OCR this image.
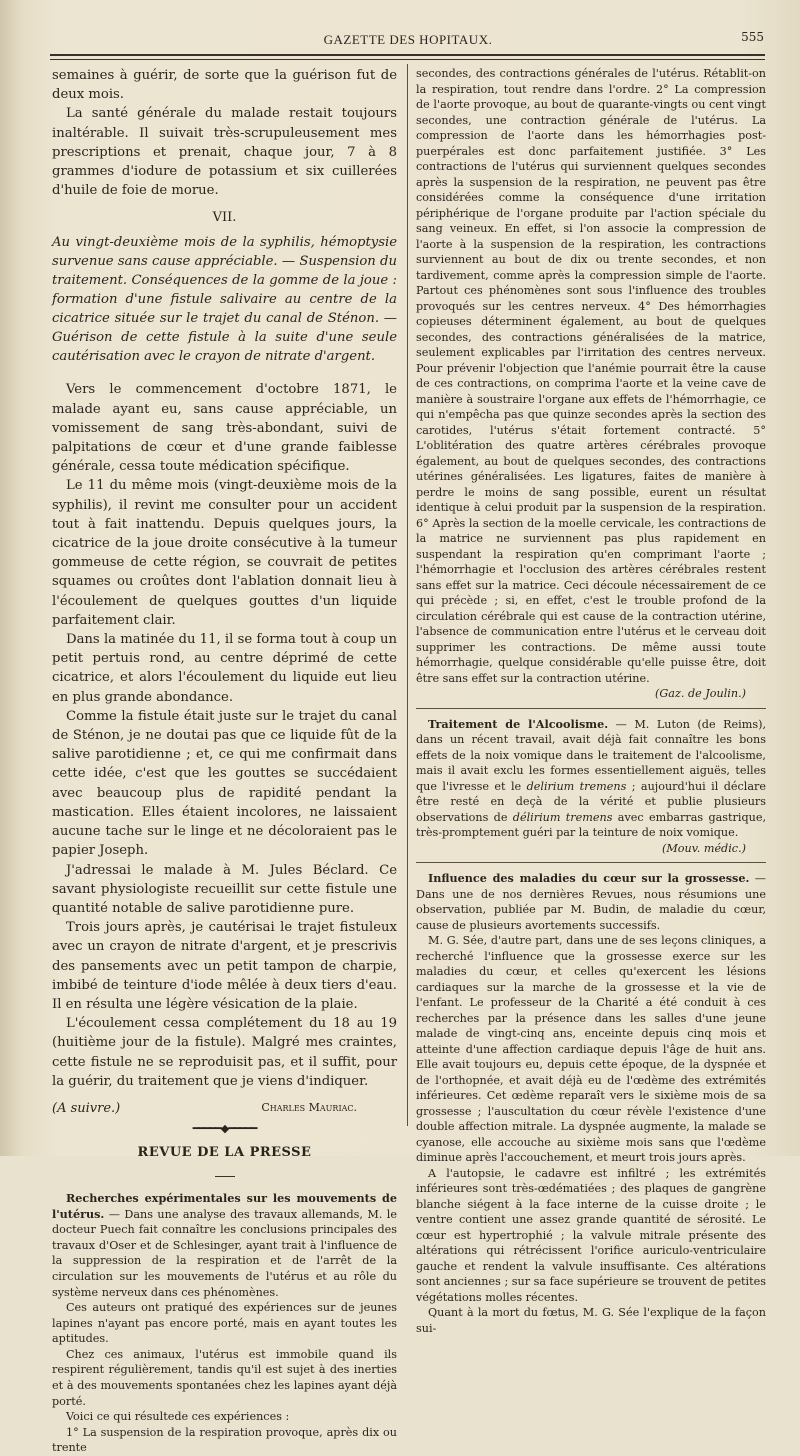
GAZETTE DES HOPITAUX.	555

semaines à guérir, de sorte que la guérison fut de deux mois.

La santé générale du malade restait toujours inaltérable. Il suivait très-scrupuleusement mes prescriptions et prenait, chaque jour, 7 à 8 grammes d'iodure de potassium et six cuillerées d'huile de foie de morue.

VII.
Au vingt-deuxième mois de la syphilis, hémoptysie survenue sans cause appréciable. — Suspension du traitement. Conséquences de la gomme de la joue : formation d'une fistule salivaire au centre de la cicatrice située sur le trajet du canal de Sténon. — Guérison de cette fistule à la suite d'une seule cautérisation avec le crayon de nitrate d'argent.

Vers le commencement d'octobre 1871, le malade ayant eu, sans cause appréciable, un vomissement de sang très-abondant, suivi de palpitations de cœur et d'une grande faiblesse générale, cessa toute médication spécifique.

Le 11 du même mois (vingt-deuxième mois de la syphilis), il revint me consulter pour un accident tout à fait inattendu. Depuis quelques jours, la cicatrice de la joue droite consécutive à la tumeur gommeuse de cette région, se couvrait de petites squames ou croûtes dont l'ablation donnait lieu à l'écoulement de quelques gouttes d'un liquide parfaitement clair.

Dans la matinée du 11, il se forma tout à coup un petit pertuis rond, au centre déprimé de cette cicatrice, et alors l'écoulement du liquide eut lieu en plus grande abondance.

Comme la fistule était juste sur le trajet du canal de Sténon, je ne doutai pas que ce liquide fût de la salive parotidienne ; et, ce qui me confirmait dans cette idée, c'est que les gouttes se succédaient avec beaucoup plus de rapidité pendant la mastication. Elles étaient incolores, ne laissaient aucune tache sur le linge et ne décoloraient pas le papier Joseph.

J'adressai le malade à M. Jules Béclard. Ce savant physiologiste recueillit sur cette fistule une quantité notable de salive parotidienne pure.

Trois jours après, je cautérisai le trajet fistuleux avec un crayon de nitrate d'argent, et je prescrivis des pansements avec un petit tampon de charpie, imbibé de teinture d'iode mêlée à deux tiers d'eau. Il en résulta une légère vésication de la plaie.

L'écoulement cessa complétement du 18 au 19 (huitième jour de la fistule). Malgré mes craintes, cette fistule ne se reproduisit pas, et il suffit, pour la guérir, du traitement que je viens d'indiquer.

(A suivre.)	Charles Mauriac.
━━━━━◆━━━━━
REVUE DE LA PRESSE

Recherches expérimentales sur les mouvements de l'utérus. — Dans une analyse des travaux allemands, M. le docteur Puech fait connaître les conclusions principales des travaux d'Oser et de Schlesinger, ayant trait à l'influence de la suppression de la respiration et de l'arrêt de la circulation sur les mouvements de l'utérus et au rôle du système nerveux dans ces phénomènes.

Ces auteurs ont pratiqué des expériences sur de jeunes lapines n'ayant pas encore porté, mais en ayant toutes les aptitudes.

Chez ces animaux, l'utérus est immobile quand ils respirent régulièrement, tandis qu'il est sujet à des inerties et à des mouvements spontanées chez les lapines ayant déjà porté.

Voici ce qui résultede ces expériences :

1° La suspension de la respiration provoque, après dix ou trente

secondes, des contractions générales de l'utérus. Rétablit-on la respiration, tout rendre dans l'ordre. 2° La compression de l'aorte provoque, au bout de quarante-vingts ou cent vingt secondes, une contraction générale de l'utérus. La compression de l'aorte dans les hémorrhagies post-puerpérales est donc parfaitement justifiée. 3° Les contractions de l'utérus qui surviennent quelques secondes après la suspension de la respiration, ne peuvent pas être considérées comme la conséquence d'une irritation périphérique de l'organe produite par l'action spéciale du sang veineux. En effet, si l'on associe la compression de l'aorte à la suspension de la respiration, les contractions surviennent au bout de dix ou trente secondes, et non tardivement, comme après la compression simple de l'aorte. Partout ces phénomènes sont sous l'influence des troubles provoqués sur les centres nerveux. 4° Des hémorrhagies copieuses déterminent également, au bout de quelques secondes, des contractions généralisées de la matrice, seulement explicables par l'irritation des centres nerveux. Pour prévenir l'objection que l'anémie pourrait être la cause de ces contractions, on comprima l'aorte et la veine cave de manière à soustraire l'organe aux effets de l'hémorrhagie, ce qui n'empêcha pas que quinze secondes après la section des carotides, l'utérus s'était fortement contracté. 5° L'oblitération des quatre artères cérébrales provoque également, au bout de quelques secondes, des contractions utérines généralisées. Les ligatures, faites de manière à perdre le moins de sang possible, eurent un résultat identique à celui produit par la suspension de la respiration. 6° Après la section de la moelle cervicale, les contractions de la matrice ne surviennent pas plus rapidement en suspendant la respiration qu'en comprimant l'aorte ; l'hémorrhagie et l'occlusion des artères cérébrales restent sans effet sur la matrice. Ceci découle nécessairement de ce qui précède ; si, en effet, c'est le trouble profond de la circulation cérébrale qui est cause de la contraction utérine, l'absence de communication entre l'utérus et le cerveau doit supprimer les contractions. De même aussi toute hémorrhagie, quelque considérable qu'elle puisse être, doit être sans effet sur la contraction utérine.

(Gaz. de Joulin.)

Traitement de l'Alcoolisme. — M. Luton (de Reims), dans un récent travail, avait déjà fait connaître les bons effets de la noix vomique dans le traitement de l'alcoolisme, mais il avait exclu les formes essentiellement aiguës, telles que l'ivresse et le delirium tremens ; aujourd'hui il déclare être resté en deçà de la vérité et publie plusieurs observations de délirium tremens avec embarras gastrique, très-promptement guéri par la teinture de noix vomique.

(Mouv. médic.)

Influence des maladies du cœur sur la grossesse. — Dans une de nos dernières Revues, nous résumions une observation, publiée par M. Budin, de maladie du cœur, cause de plusieurs avortements successifs.

M. G. Sée, d'autre part, dans une de ses leçons cliniques, a recherché l'influence que la grossesse exerce sur les maladies du cœur, et celles qu'exercent les lésions cardiaques sur la marche de la grossesse et la vie de l'enfant. Le professeur de la Charité a été conduit à ces recherches par la présence dans les salles d'une jeune malade de vingt-cinq ans, enceinte depuis cinq mois et atteinte d'une affection cardiaque depuis l'âge de huit ans. Elle avait toujours eu, depuis cette époque, de la dyspnée et de l'orthopnée, et avait déjà eu de l'œdème des extrémités inférieures. Cet œdème reparaît vers le sixième mois de sa grossesse ; l'auscultation du cœur révèle l'existence d'une double affection mitrale. La dyspnée augmente, la malade se cyanose, elle accouche au sixième mois sans que l'œdème diminue après l'accouchement, et meurt trois jours après.

A l'autopsie, le cadavre est infiltré ; les extrémités inférieures sont très-œdématiées ; des plaques de gangrène blanche siégent à la face interne de la cuisse droite ; le ventre contient une assez grande quantité de sérosité. Le cœur est hypertrophié ; la valvule mitrale présente des altérations qui rétrécissent l'orifice auriculo-ventriculaire gauche et rendent la valvule insuffisante. Ces altérations sont anciennes ; sur sa face supérieure se trouvent de petites végétations molles récentes.

Quant à la mort du fœtus, M. G. Sée l'explique de la façon sui-
